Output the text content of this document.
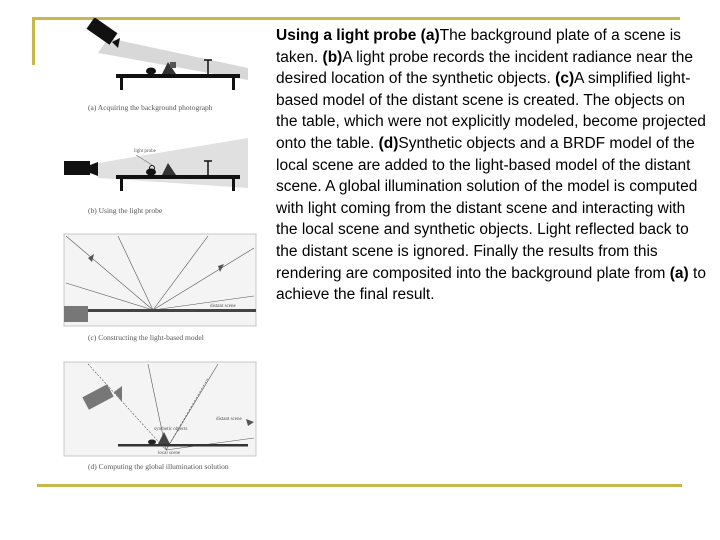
(a) Acquiring the background photograph
light probe
(b) Using the light probe
distant scene
(c) Constructing the light-based model
synthetic objects
distant scene
local scene
(d) Computing the global illumination solution
Using a light probe (a)The background plate of a scene is taken. (b)A light probe records the incident radiance near the desired location of the synthetic objects. (c)A simplified light-based model of the distant scene is created. The objects on the table, which were not explicitly modeled, become projected onto the table. (d)Synthetic objects and a BRDF model of the local scene are added to the light-based model of the distant scene. A global illumination solution of the model is computed with light coming from the distant scene and interacting with the local scene and synthetic objects. Light reflected back to the distant scene is ignored. Finally the results from this rendering are composited into the background plate from (a) to achieve the final result.
